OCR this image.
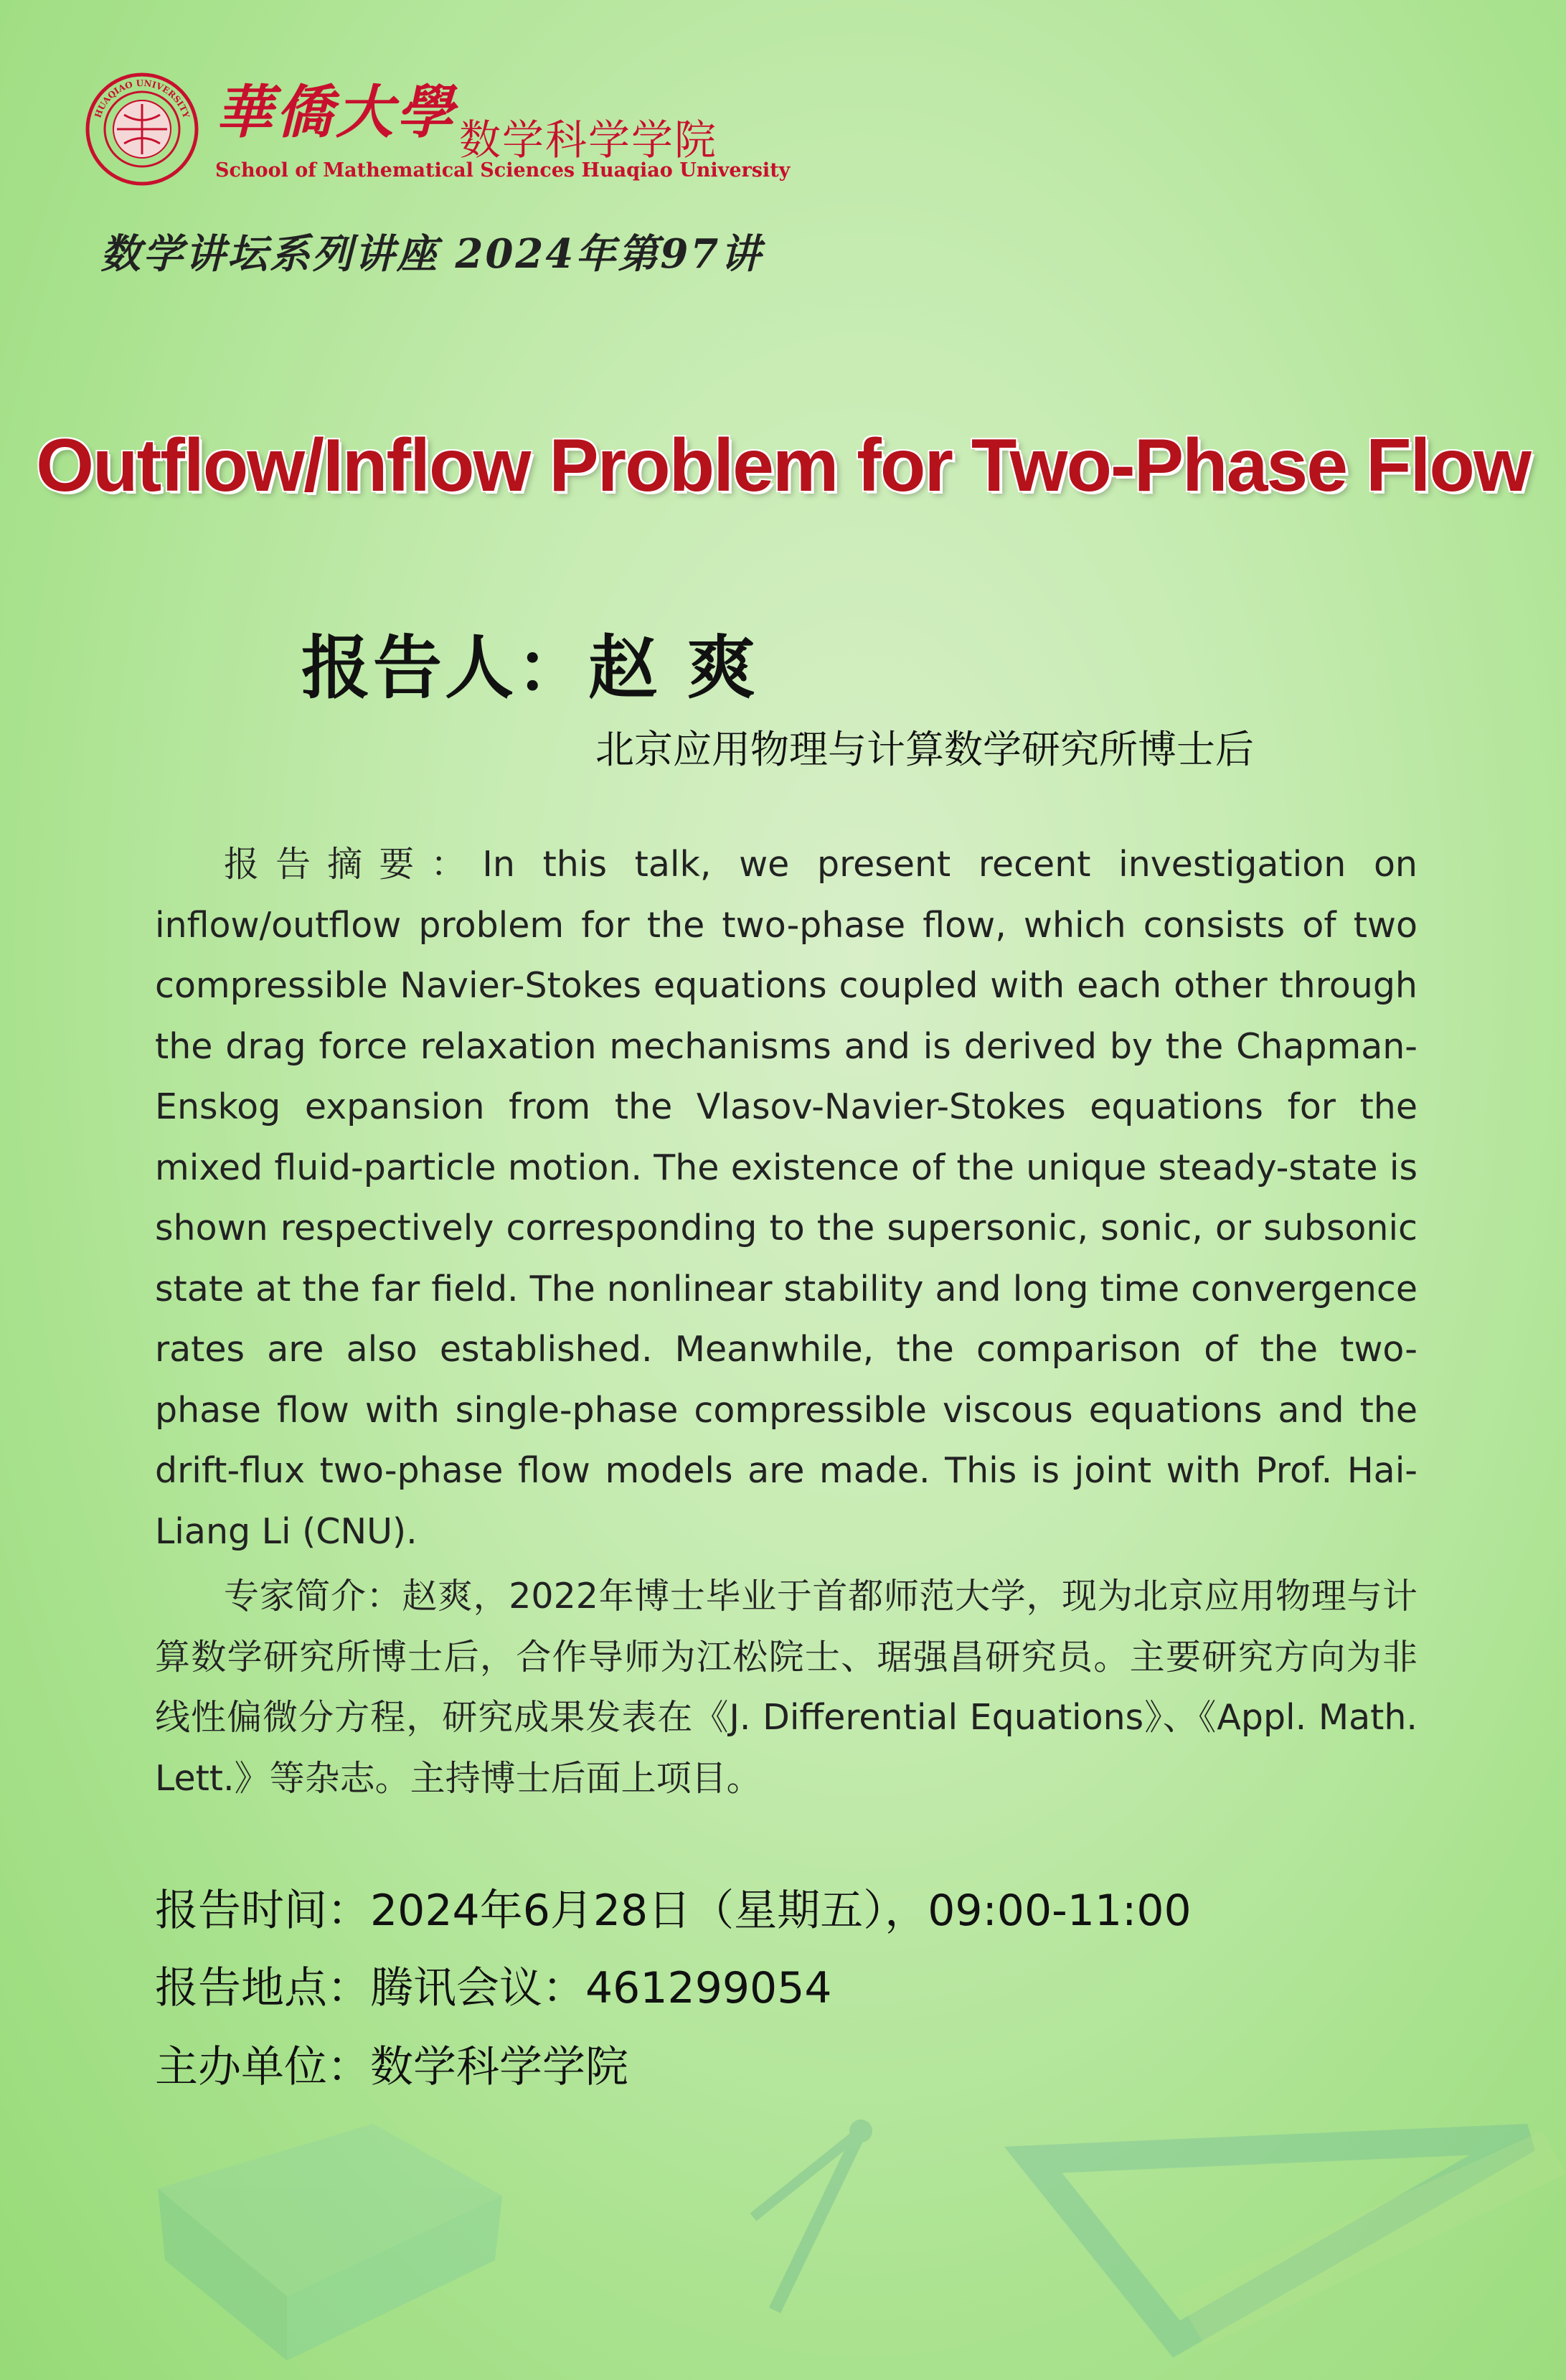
HUAQIAO UNIVERSITY 華僑大學 数学科学学院
School of Mathematical Sciences Huaqiao University
数学讲坛系列讲座 2024年第97讲
Outflow/Inflow Problem for Two-Phase Flow
报告人：赵 爽
北京应用物理与计算数学研究所博士后
报告摘要：In this talk, we present recent investigation on inflow/outflow problem for the two-phase flow, which consists of two compressible Navier-Stokes equations coupled with each other through the drag force relaxation mechanisms and is derived by the Chapman-Enskog expansion from the Vlasov-Navier-Stokes equations for the mixed fluid-particle motion. The existence of the unique steady-state is shown respectively corresponding to the supersonic, sonic, or subsonic state at the far field. The nonlinear stability and long time convergence rates are also established. Meanwhile, the comparison of the two-phase flow with single-phase compressible viscous equations and the drift-flux two-phase flow models are made. This is joint with Prof. Hai-Liang Li (CNU).
专家简介：赵爽，2022年博士毕业于首都师范大学，现为北京应用物理与计算数学研究所博士后，合作导师为江松院士、琚强昌研究员。主要研究方向为非线性偏微分方程，研究成果发表在《J. Differential Equations》、《Appl. Math. Lett.》等杂志。主持博士后面上项目。
报告时间：2024年6月28日（星期五），09:00-11:00
报告地点：腾讯会议：461299054
主办单位：数学科学学院
